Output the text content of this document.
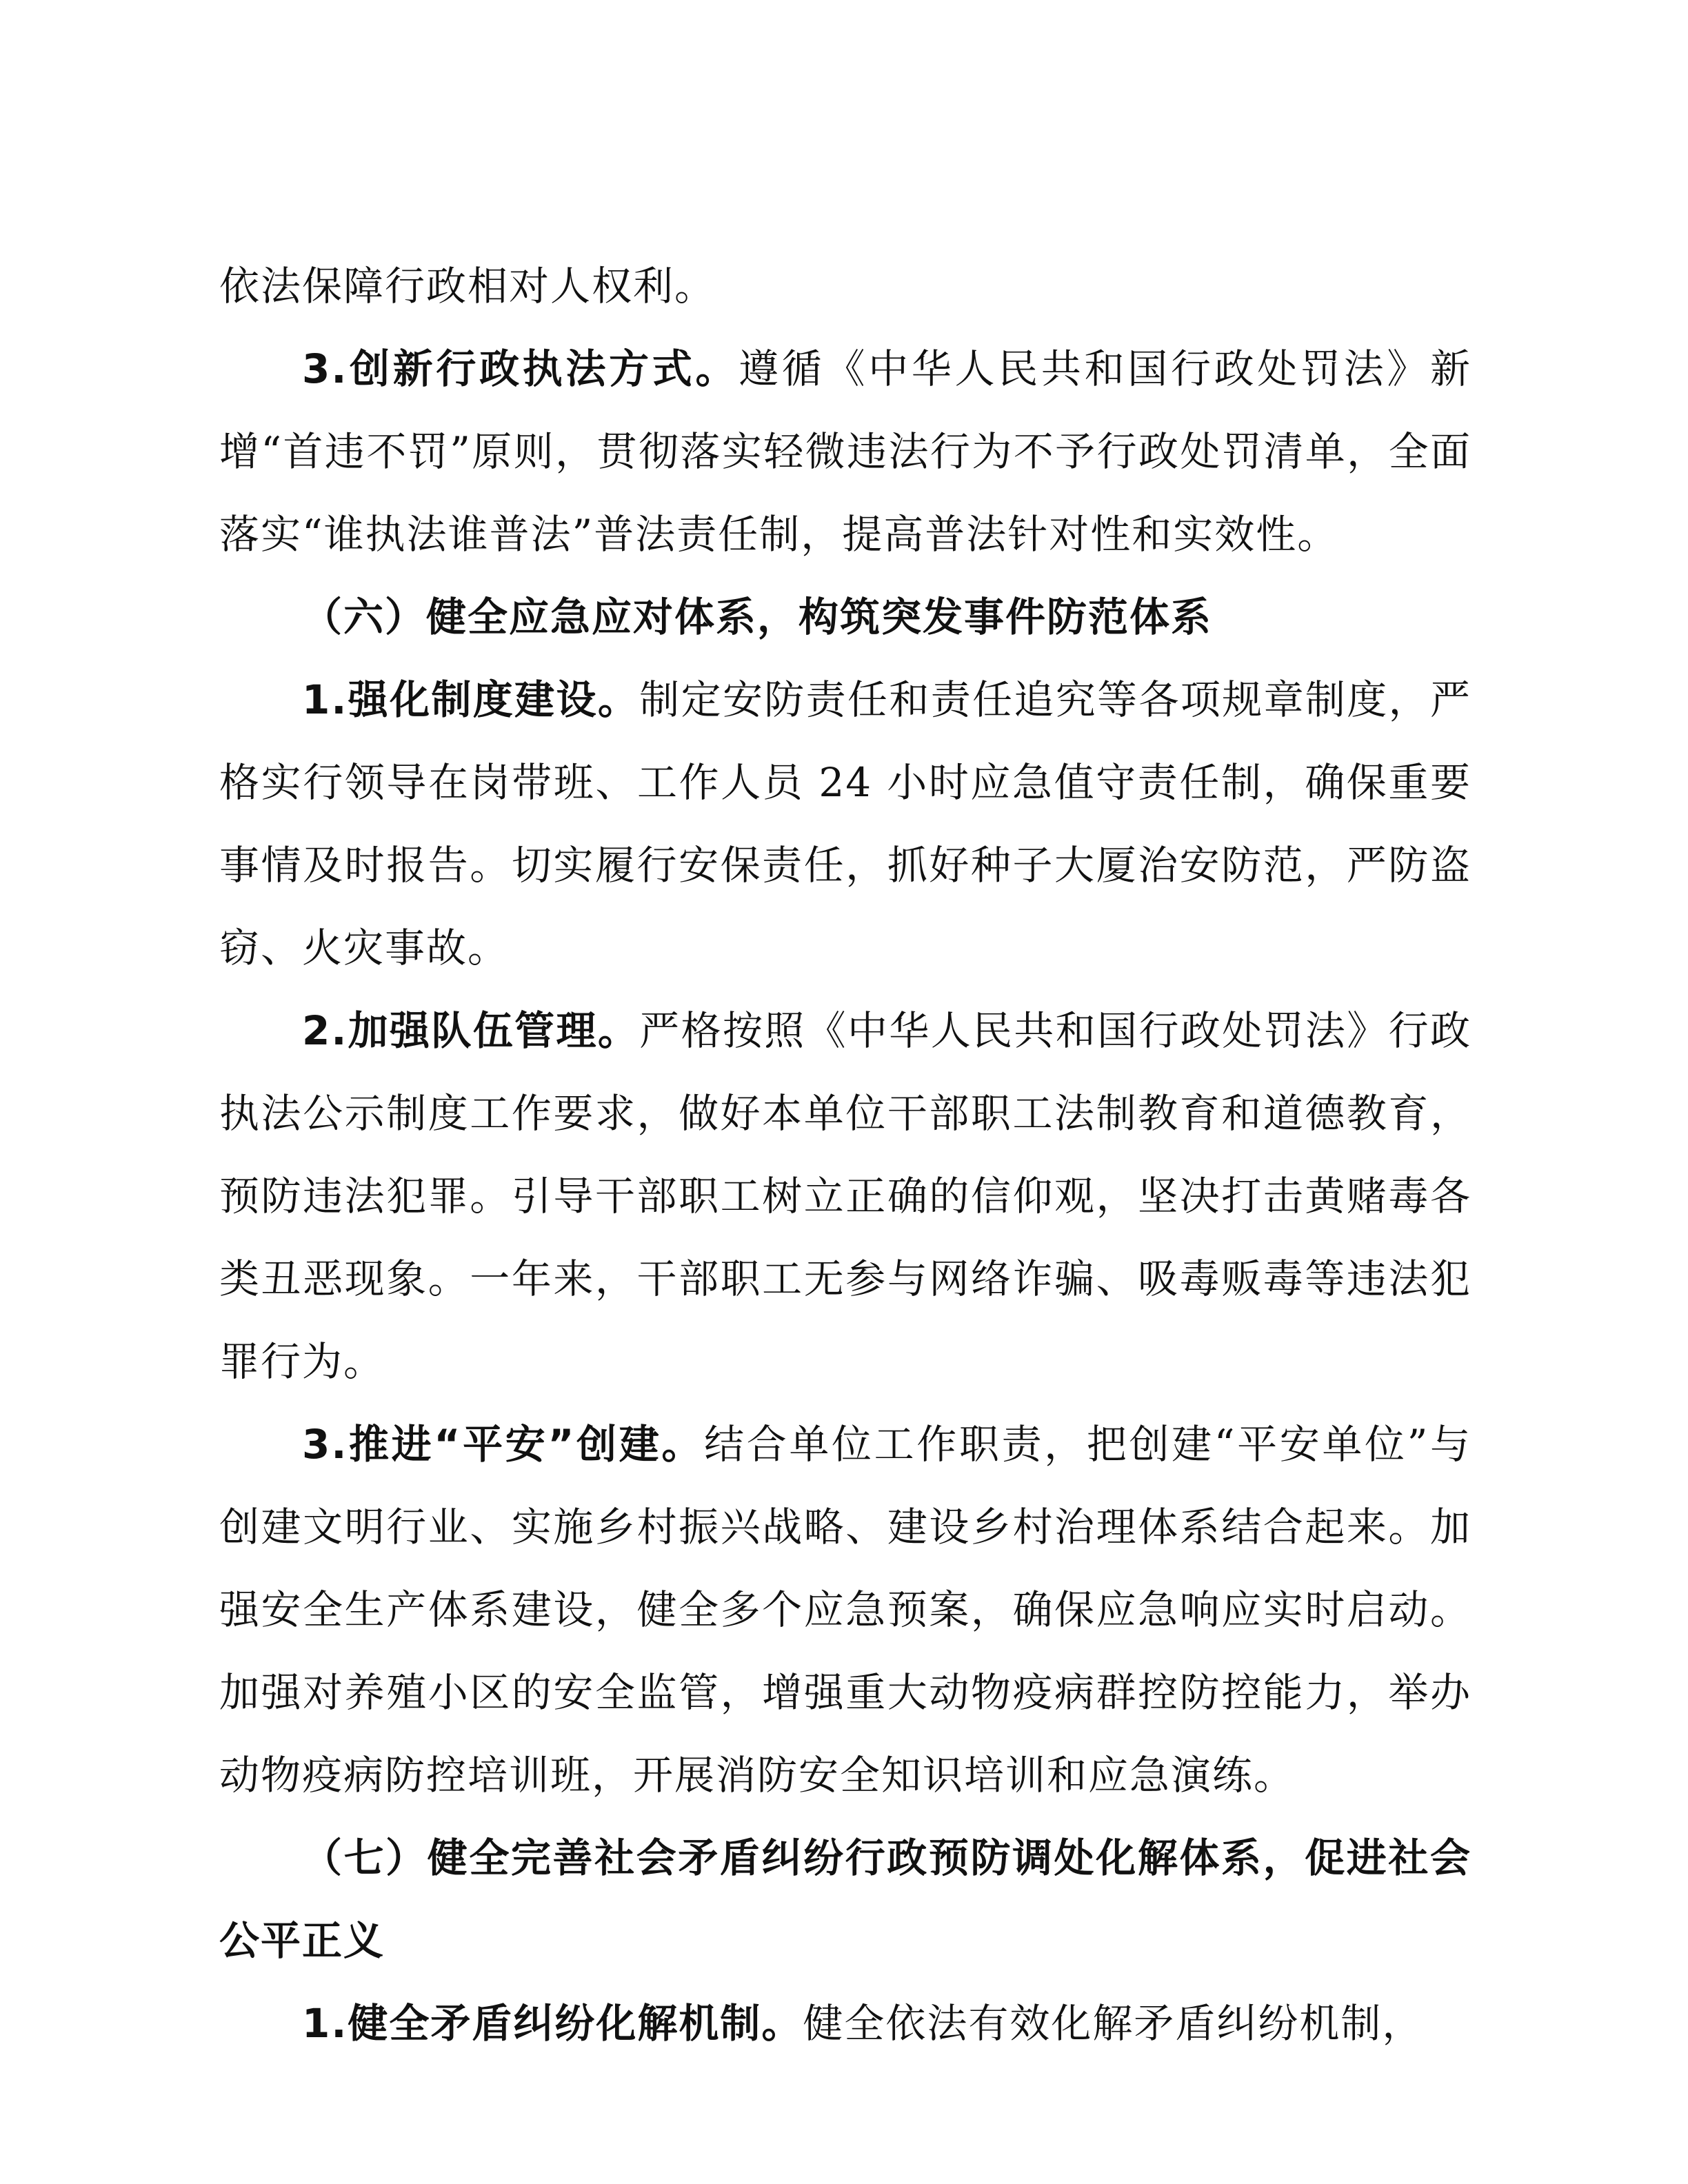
依法保障行政相对人权利。

3.创新行政执法方式。遵循《中华人民共和国行政处罚法》新增“首违不罚”原则，贯彻落实轻微违法行为不予行政处罚清单，全面落实“谁执法谁普法”普法责任制，提高普法针对性和实效性。

（六）健全应急应对体系，构筑突发事件防范体系

1.强化制度建设。制定安防责任和责任追究等各项规章制度，严格实行领导在岗带班、工作人员 24 小时应急值守责任制，确保重要事情及时报告。切实履行安保责任，抓好种子大厦治安防范，严防盗窃、火灾事故。

2.加强队伍管理。严格按照《中华人民共和国行政处罚法》行政执法公示制度工作要求，做好本单位干部职工法制教育和道德教育，预防违法犯罪。引导干部职工树立正确的信仰观，坚决打击黄赌毒各类丑恶现象。一年来，干部职工无参与网络诈骗、吸毒贩毒等违法犯罪行为。

3.推进“平安”创建。结合单位工作职责，把创建“平安单位”与创建文明行业、实施乡村振兴战略、建设乡村治理体系结合起来。加强安全生产体系建设，健全多个应急预案，确保应急响应实时启动。加强对养殖小区的安全监管，增强重大动物疫病群控防控能力，举办动物疫病防控培训班，开展消防安全知识培训和应急演练。

（七）健全完善社会矛盾纠纷行政预防调处化解体系，促进社会公平正义

1.健全矛盾纠纷化解机制。健全依法有效化解矛盾纠纷机制，
